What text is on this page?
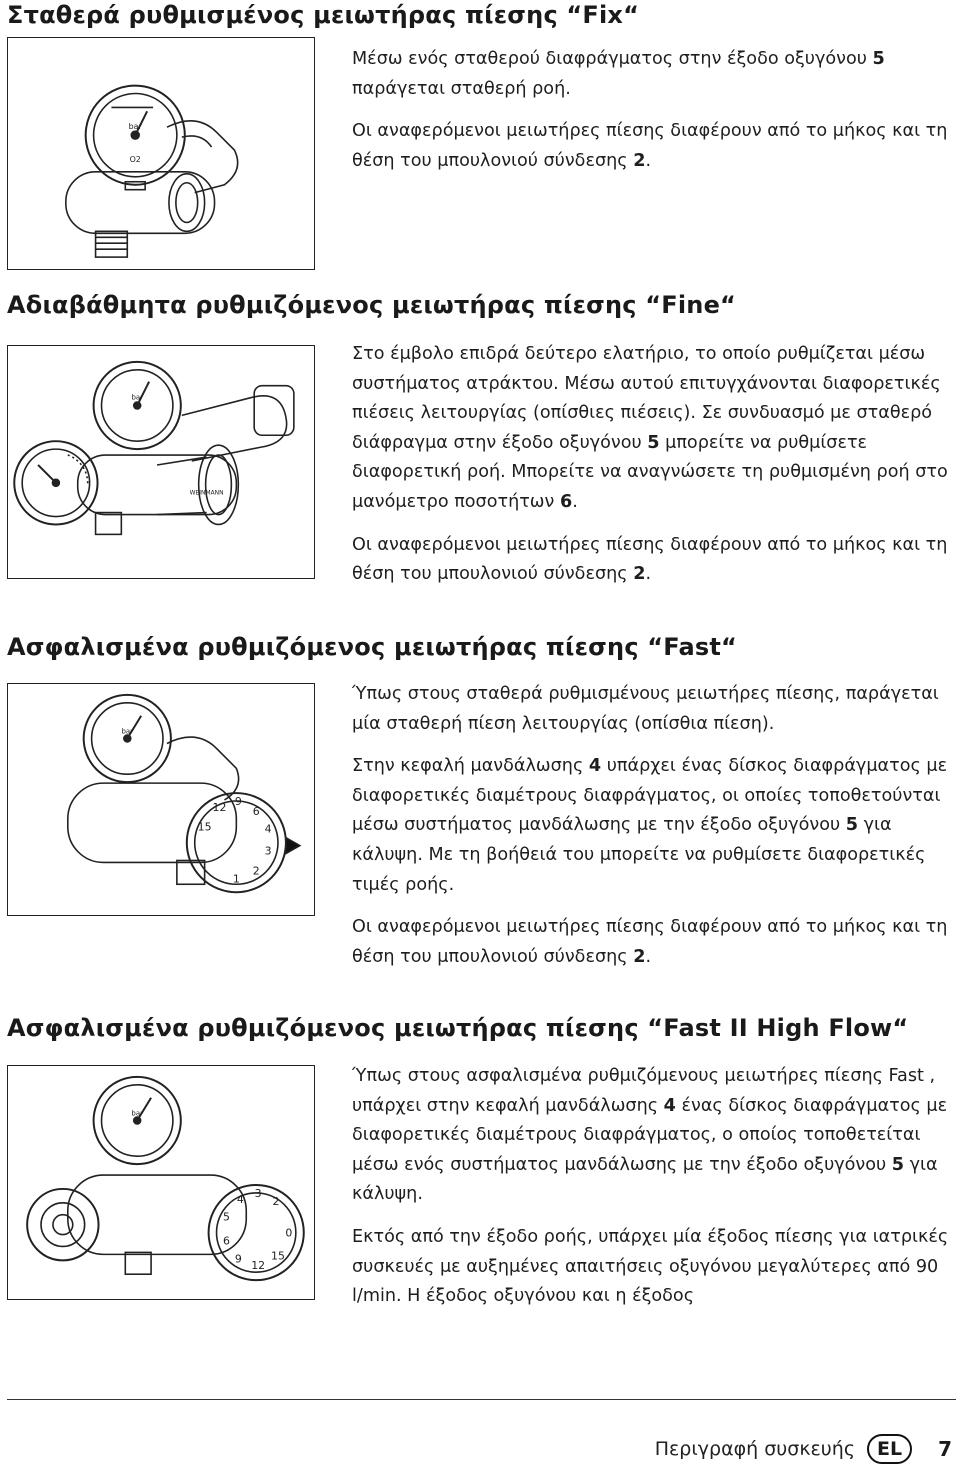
Σταθερά ρυθμισμένος μειωτήρας πίεσης “Fix“
bar
O2

Μέσω ενός σταθερού διαφράγματος στην έξοδο οξυγόνου 5 παράγεται σταθερή ροή.

Οι αναφερόμενοι μειωτήρες πίεσης διαφέρουν από το μήκος και τη θέση του μπουλονιού σύνδεσης 2.

Αδιαβάθμητα ρυθμιζόμενος μειωτήρας πίεσης “Fine“
bar
WEINMANN

Στο έμβολο επιδρά δεύτερο ελατήριο, το οποίο ρυθμίζεται μέσω συστήματος ατράκτου. Μέσω αυτού επιτυγχάνονται διαφορετικές πιέσεις λειτουργίας (οπίσθιες πιέσεις). Σε συνδυασμό με σταθερό διάφραγμα στην έξοδο οξυγόνου 5 μπορείτε να ρυθμίσετε διαφορετική ροή. Μπορείτε να αναγνώσετε τη ρυθμισμένη ροή στο μανόμετρο ποσοτήτων 6.

Οι αναφερόμενοι μειωτήρες πίεσης διαφέρουν από το μήκος και τη θέση του μπουλονιού σύνδεσης 2.

Ασφαλισμένα ρυθμιζόμενος μειωτήρας πίεσης “Fast“
15
12 9
6
4
3
2
1
bar

Ύπως στους σταθερά ρυθμισμένους μειωτήρες πίεσης, παράγεται μία σταθερή πίεση λειτουργίας (οπίσθια πίεση).

Στην κεφαλή μανδάλωσης 4 υπάρχει ένας δίσκος διαφράγματος με διαφορετικές διαμέτρους διαφράγματος, οι οποίες τοποθετούνται μέσω συστήματος μανδάλωσης με την έξοδο οξυγόνου 5 για κάλυψη. Με τη βοήθειά του μπορείτε να ρυθμίσετε διαφορετικές τιμές ροής.

Οι αναφερόμενοι μειωτήρες πίεσης διαφέρουν από το μήκος και τη θέση του μπουλονιού σύνδεσης 2.

Ασφαλισμένα ρυθμιζόμενος μειωτήρας πίεσης “Fast II High Flow“
5
4 3
2
0
15
12
9
6
bar

Ύπως στους ασφαλισμένα ρυθμιζόμενους μειωτήρες πίεσης Fast , υπάρχει στην κεφαλή μανδάλωσης 4 ένας δίσκος διαφράγματος με διαφορετικές διαμέτρους διαφράγματος, ο οποίος τοποθετείται μέσω ενός συστήματος μανδάλωσης με την έξοδο οξυγόνου 5 για κάλυψη.

Εκτός από την έξοδο ροής, υπάρχει μία έξοδος πίεσης για ιατρικές συσκευές με αυξημένες απαιτήσεις οξυγόνου μεγαλύτερες από 90 l/min. Η έξοδος οξυγόνου και η έξοδος

Περιγραφή συσκευής	EL	7
